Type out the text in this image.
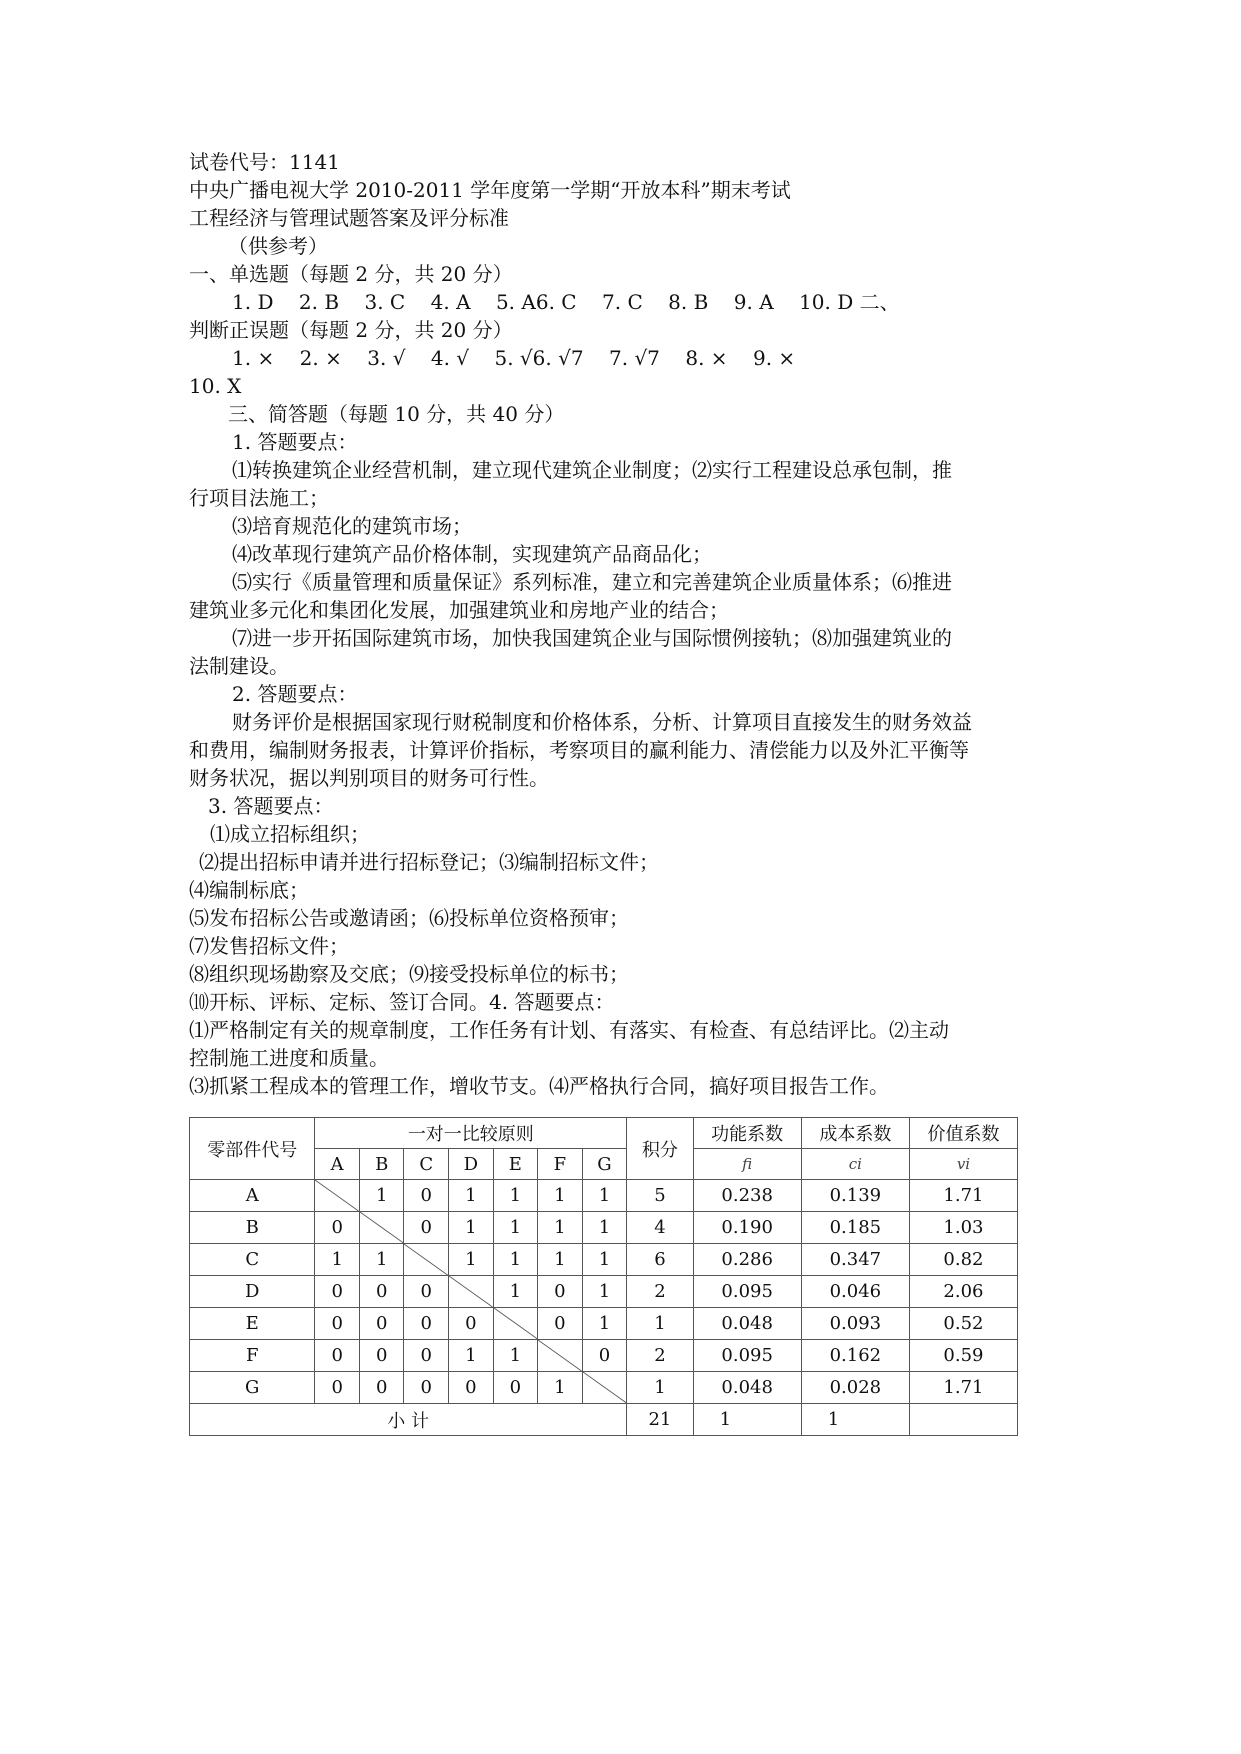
试卷代号：1141
中央广播电视大学 2010-2011 学年度第一学期“开放本科”期末考试
工程经济与管理试题答案及评分标准
（供参考）
一、单选题（每题 2 分，共 20 分）
1. D    2. B    3. C    4. A    5. A6. C    7. C    8. B    9. A    10. D 二、
判断正误题（每题 2 分，共 20 分）
1. ×    2. ×    3. √    4. √    5. √6. √7    7. √7    8. ×    9. ×
10. X
三、简答题（每题 10 分，共 40 分）
1. 答题要点：
⑴转换建筑企业经营机制，建立现代建筑企业制度；⑵实行工程建设总承包制，推
行项目法施工；
⑶培育规范化的建筑市场；
⑷改革现行建筑产品价格体制，实现建筑产品商品化；
⑸实行《质量管理和质量保证》系列标准，建立和完善建筑企业质量体系；⑹推进
建筑业多元化和集团化发展，加强建筑业和房地产业的结合；
⑺进一步开拓国际建筑市场，加快我国建筑企业与国际惯例接轨；⑻加强建筑业的
法制建设。
2. 答题要点：
财务评价是根据国家现行财税制度和价格体系，分析、计算项目直接发生的财务效益
和费用，编制财务报表，计算评价指标，考察项目的赢利能力、清偿能力以及外汇平衡等
财务状况，据以判别项目的财务可行性。
3. 答题要点：
⑴成立招标组织；
⑵提出招标申请并进行招标登记；⑶编制招标文件；
⑷编制标底；
⑸发布招标公告或邀请函；⑹投标单位资格预审；
⑺发售招标文件；
⑻组织现场勘察及交底；⑼接受投标单位的标书；
⑽开标、评标、定标、签订合同。4. 答题要点：
⑴严格制定有关的规章制度，工作任务有计划、有落实、有检查、有总结评比。⑵主动
控制施工进度和质量。
⑶抓紧工程成本的管理工作，增收节支。⑷严格执行合同，搞好项目报告工作。
零部件代号	一对一比较原则							积分	功能系数	成本系数	价值系数
	A	B	C	D	E	F	G		fi	ci	vi
A		1	0	1	1	1	1	5	0.238	0.139	1.71
B	0		0	1	1	1	1	4	0.190	0.185	1.03
C	1	1		1	1	1	1	6	0.286	0.347	0.82
D	0	0	0		1	0	1	2	0.095	0.046	2.06
E	0	0	0	0		0	1	1	0.048	0.093	0.52
F	0	0	0	1	1		0	2	0.095	0.162	0.59
G	0	0	0	0	0	1		1	0.048	0.028	1.71
小 计								21	1	1	
